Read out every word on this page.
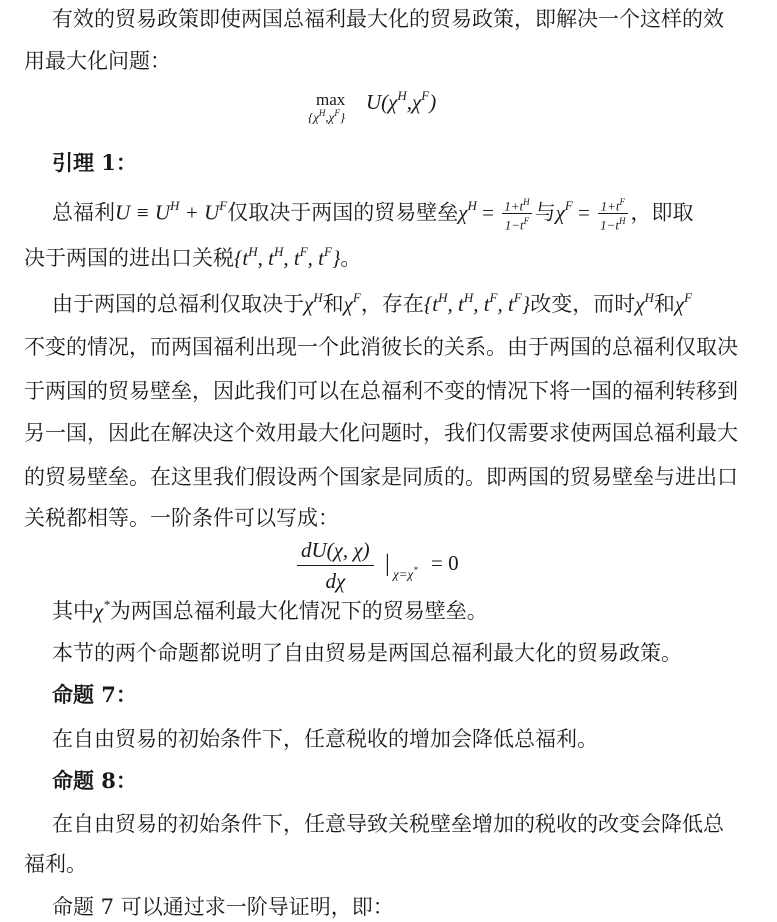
有效的贸易政策即使两国总福利最大化的贸易政策，即解决一个这样的效
用最大化问题：
max
$\{\chi^H,\chi^F\}$
$U(\chi^H,\chi^F)$
引理 1：
总福利$U \equiv U^H + U^F$仅取决于两国的贸易壁垒$\chi^H = \frac{1+t^H}{1-t^F}$ 与$\chi^F = \frac{1+t^F}{1-t^H}$ ，即取
决于两国的进出口关税{$t^H$, $t^H$, $t^F$, $t^F$}。
由于两国的总福利仅取决于$\chi^H$和$\chi^F$，存在{$t^H$, $t^H$, $t^F$, $t^F$}改变，而时$\chi^H$和$\chi^F$
不变的情况，而两国福利出现一个此消彼长的关系。由于两国的总福利仅取决
于两国的贸易壁垒，因此我们可以在总福利不变的情况下将一国的福利转移到
另一国，因此在解决这个效用最大化问题时，我们仅需要求使两国总福利最大
的贸易壁垒。在这里我们假设两个国家是同质的。即两国的贸易壁垒与进出口
关税都相等。一阶条件可以写成：
$\frac{dU(\chi, \chi)}{d\chi}$ | χ=χ* = 0
其中χ*为两国总福利最大化情况下的贸易壁垒。
本节的两个命题都说明了自由贸易是两国总福利最大化的贸易政策。
命题 7：
在自由贸易的初始条件下，任意税收的增加会降低总福利。
命题 8：
在自由贸易的初始条件下，任意导致关税壁垒增加的税收的改变会降低总
福利。
命题 7 可以通过求一阶导证明，即：
